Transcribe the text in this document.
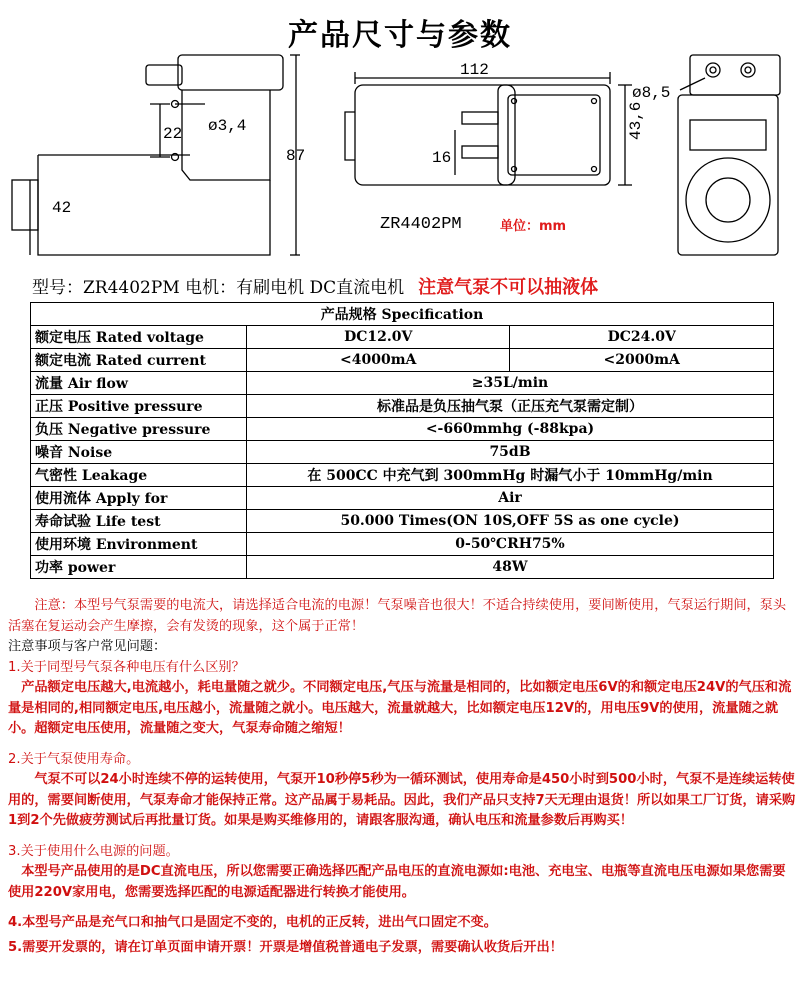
产品尺寸与参数
ø3,4
22
42
87
112
16
43,6
ø8,5
ZR4402PM	单位：mm
型号：ZR4402PM 电机：有刷电机 DC直流电机 注意气泵不可以抽液体
产品规格 Specification		
额定电压 Rated voltage	DC12.0V	DC24.0V
额定电流 Rated current	<4000mA	<2000mA
流量 Air flow	≥35L/min	
正压 Positive pressure	标准品是负压抽气泵（正压充气泵需定制）	
负压 Negative pressure	<-660mmhg (-88kpa)	
噪音 Noise	75dB	
气密性 Leakage	在 500CC 中充气到 300mmHg 时漏气小于 10mmHg/min	
使用流体 Apply for	Air	
寿命试验 Life test	50.000 Times(ON 10S,OFF 5S as one cycle)	
使用环境 Environment	0-50℃RH75%	
功率 power	48W	

注意：本型号气泵需要的电流大，请选择适合电流的电源！气泵噪音也很大！不适合持续使用，要间断使用，气泵运行期间，泵头活塞在复运动会产生摩擦，会有发烫的现象，这个属于正常！

注意事项与客户常见问题：

1.关于同型号气泵各种电压有什么区别？

产品额定电压越大,电流越小，耗电量随之就少。不同额定电压,气压与流量是相同的，比如额定电压6V的和额定电压24V的气压和流量是相同的,相同额定电压,电压越小，流量随之就小。电压越大，流量就越大，比如额定电压12V的，用电压9V的使用，流量随之就小。超额定电压使用，流量随之变大，气泵寿命随之缩短！

2.关于气泵使用寿命。

气泵不可以24小时连续不停的运转使用，气泵开10秒停5秒为一循环测试，使用寿命是450小时到500小时，气泵不是连续运转使用的，需要间断使用，气泵寿命才能保持正常。这产品属于易耗品。因此，我们产品只支持7天无理由退货！所以如果工厂订货，请采购1到2个先做疲劳测试后再批量订货。如果是购买维修用的，请跟客服沟通，确认电压和流量参数后再购买！

3.关于使用什么电源的问题。

本型号产品使用的是DC直流电压，所以您需要正确选择匹配产品电压的直流电源如:电池、充电宝、电瓶等直流电压电源如果您需要使用220V家用电，您需要选择匹配的电源适配器进行转换才能使用。

4.本型号产品是充气口和抽气口是固定不变的，电机的正反转，进出气口固定不变。

5.需要开发票的，请在订单页面申请开票！开票是增值税普通电子发票，需要确认收货后开出！
